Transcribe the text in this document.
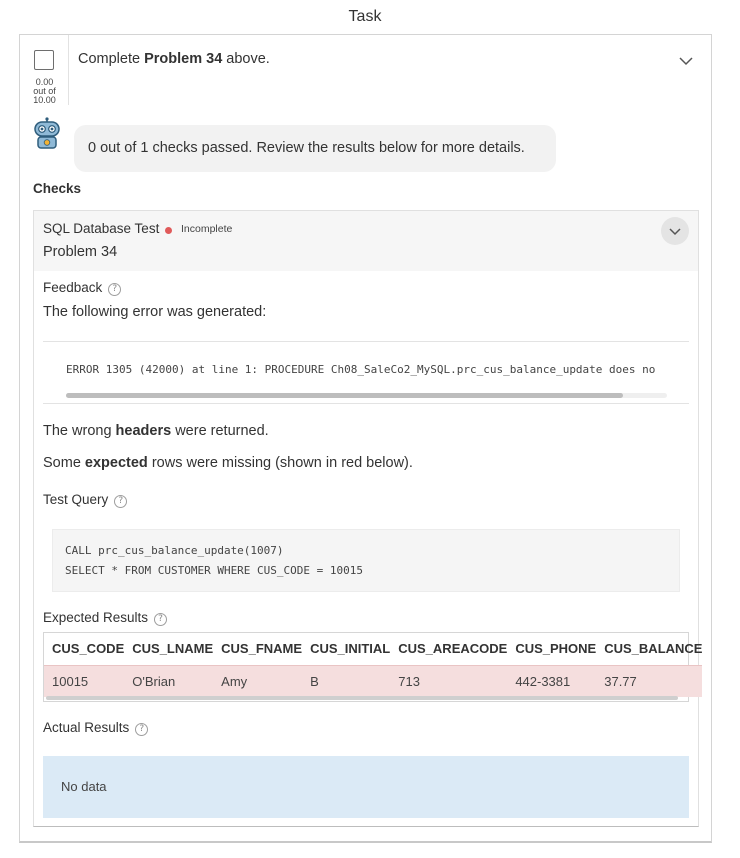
Task
0.00
out of
10.00
Complete Problem 34 above.
0 out of 1 checks passed. Review the results below for more details.
Checks
SQL Database Test Incomplete
Problem 34
Feedback ?
The following error was generated:
ERROR 1305 (42000) at line 1: PROCEDURE Ch08_SaleCo2_MySQL.prc_cus_balance_update does no
The wrong headers were returned.
Some expected rows were missing (shown in red below).
Test Query ?
CALL prc_cus_balance_update(1007)
SELECT * FROM CUSTOMER WHERE CUS_CODE = 10015
Expected Results ?
CUS_CODE	CUS_LNAME	CUS_FNAME	CUS_INITIAL	CUS_AREACODE	CUS_PHONE	CUS_BALANCE
10015	O'Brian	Amy	B	713	442-3381	37.77
Actual Results ?
No data
